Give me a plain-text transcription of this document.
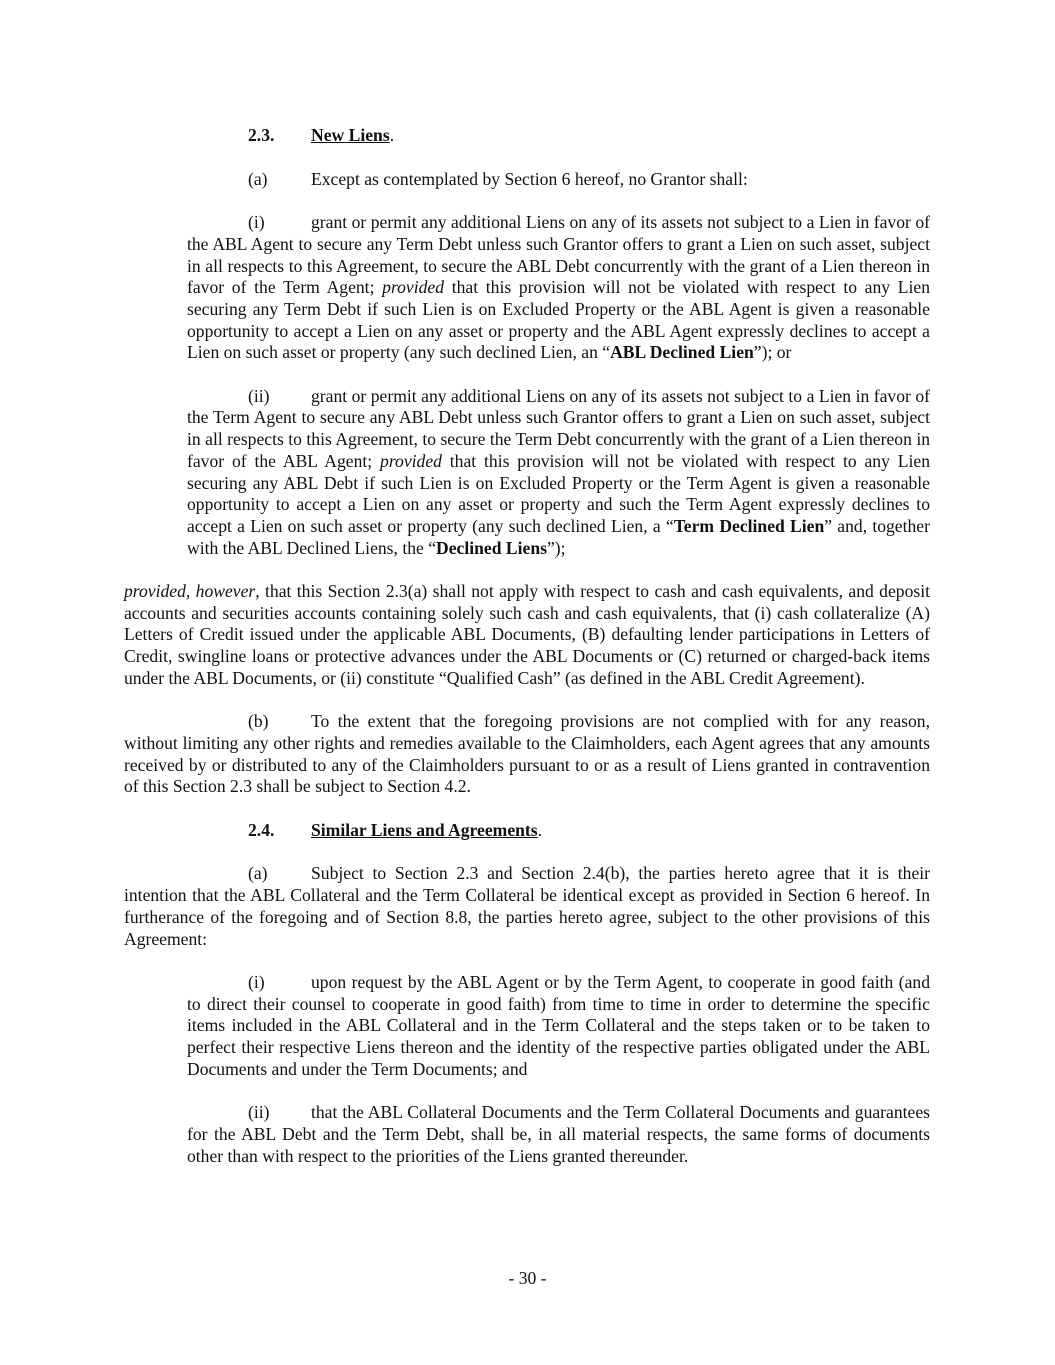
2.3. New Liens.

(a) Except as contemplated by Section 6 hereof, no Grantor shall:

(i)	grant or permit any additional Liens on any of its assets not subject to a Lien in favor of the ABL Agent to secure any Term Debt unless such Grantor offers to grant a Lien on such asset, subject in all respects to this Agreement, to secure the ABL Debt concurrently with the grant of a Lien thereon in favor of the Term Agent; provided that this provision will not be violated with respect to any Lien securing any Term Debt if such Lien is on Excluded Property or the ABL Agent is given a reasonable opportunity to accept a Lien on any asset or property and the ABL Agent expressly declines to accept a Lien on such asset or property (any such declined Lien, an “ABL Declined Lien”); or

(ii) grant or permit any additional Liens on any of its assets not subject to a Lien in favor of the Term Agent to secure any ABL Debt unless such Grantor offers to grant a Lien on such asset, subject in all respects to this Agreement, to secure the Term Debt concurrently with the grant of a Lien thereon in favor of the ABL Agent; provided that this provision will not be violated with respect to any Lien securing any ABL Debt if such Lien is on Excluded Property or the Term Agent is given a reasonable opportunity to accept a Lien on any asset or property and such the Term Agent expressly declines to accept a Lien on such asset or property (any such declined Lien, a “Term Declined Lien” and, together with the ABL Declined Liens, the “Declined Liens”);

provided, however, that this Section 2.3(a) shall not apply with respect to cash and cash equivalents, and deposit accounts and securities accounts containing solely such cash and cash equivalents, that (i) cash collateralize (A) Letters of Credit issued under the applicable ABL Documents, (B) defaulting lender participations in Letters of Credit, swingline loans or protective advances under the ABL Documents or (C) returned or charged-back items under the ABL Documents, or (ii) constitute “Qualified Cash” (as defined in the ABL Credit Agreement).

(b) To the extent that the foregoing provisions are not complied with for any reason, without limiting any other rights and remedies available to the Claimholders, each Agent agrees that any amounts received by or distributed to any of the Claimholders pursuant to or as a result of Liens granted in contravention of this Section 2.3 shall be subject to Section 4.2.

2.4. Similar Liens and Agreements.

(a) Subject to Section 2.3 and Section 2.4(b), the parties hereto agree that it is their intention that the ABL Collateral and the Term Collateral be identical except as provided in Section 6 hereof. In furtherance of the foregoing and of Section 8.8, the parties hereto agree, subject to the other provisions of this Agreement:

(i)	upon request by the ABL Agent or by the Term Agent, to cooperate in good faith (and to direct their counsel to cooperate in good faith) from time to time in order to determine the specific items included in the ABL Collateral and in the Term Collateral and the steps taken or to be taken to perfect their respective Liens thereon and the identity of the respective parties obligated under the ABL Documents and under the Term Documents; and

(ii) that the ABL Collateral Documents and the Term Collateral Documents and guarantees for the ABL Debt and the Term Debt, shall be, in all material respects, the same forms of documents other than with respect to the priorities of the Liens granted thereunder.

- 30 -
